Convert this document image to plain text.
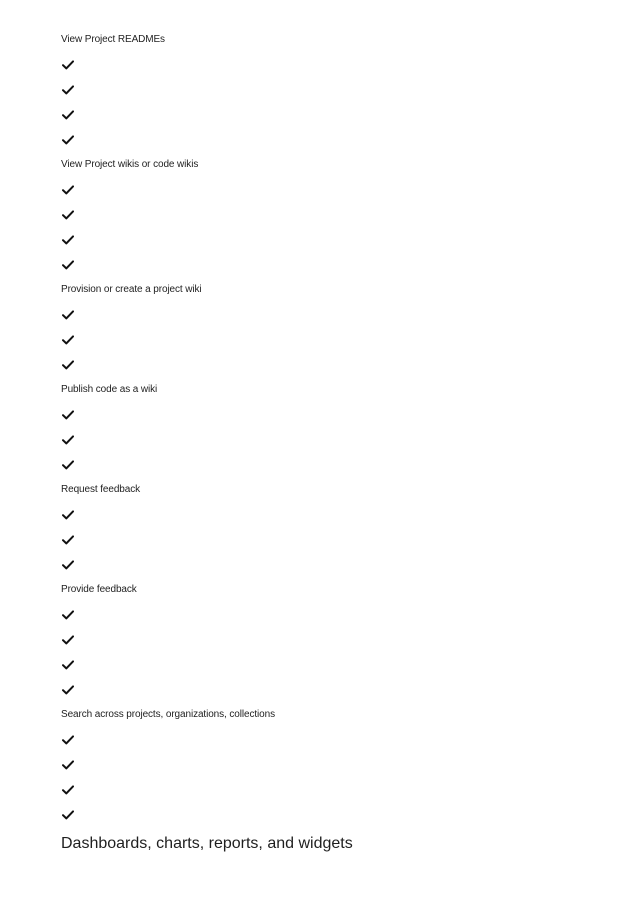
View Project READMEs
View Project wikis or code wikis
Provision or create a project wiki
Publish code as a wiki
Request feedback
Provide feedback
Search across projects, organizations, collections
Dashboards, charts, reports, and widgets
